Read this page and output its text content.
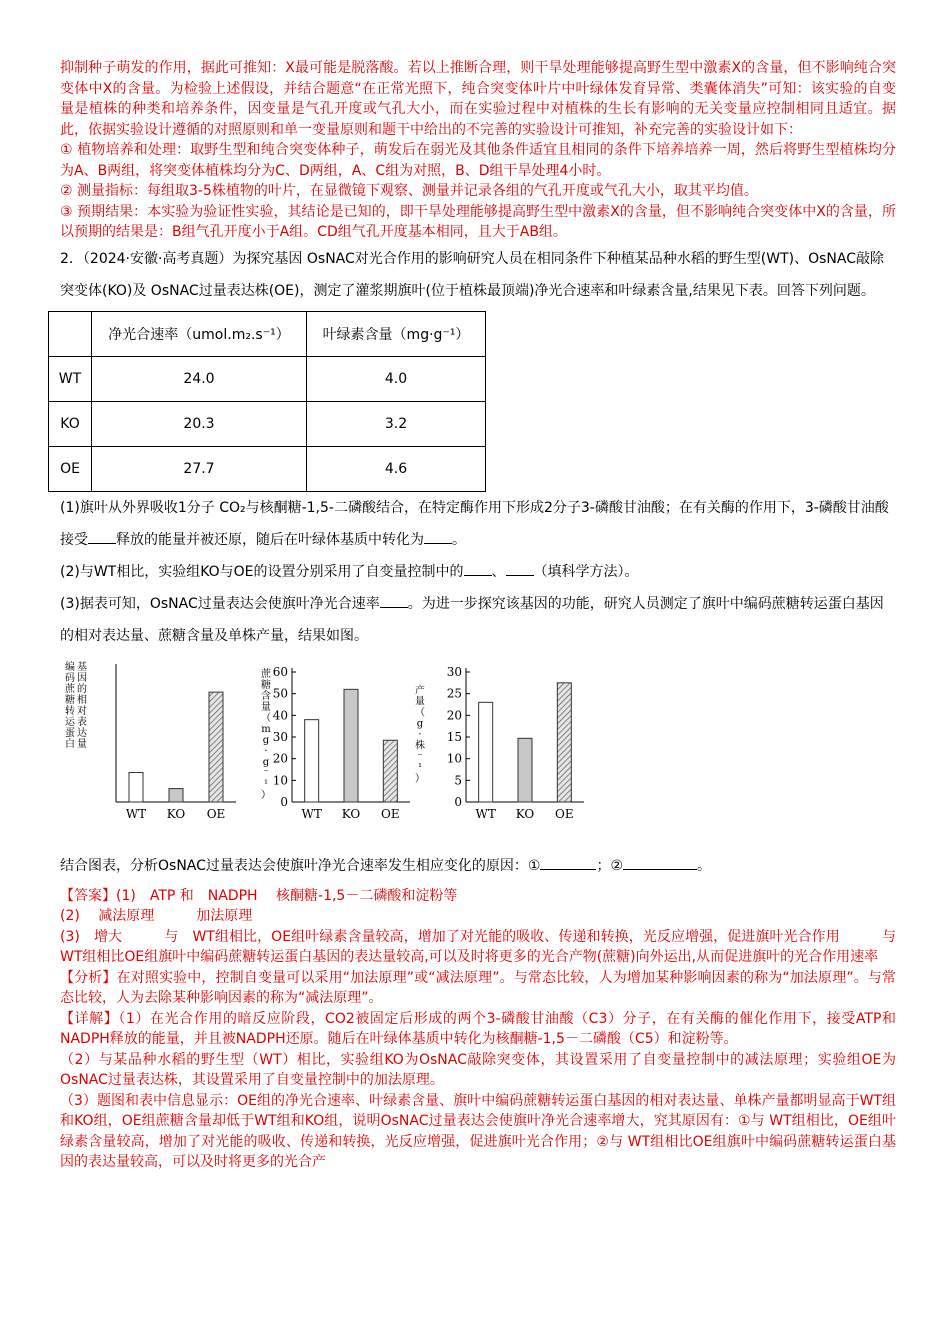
抑制种子萌发的作用，据此可推知：X最可能是脱落酸。若以上推断合理，则干旱处理能够提高野生型中激素X的含量，但不影响纯合突变体中X的含量。为检验上述假设，并结合题意“在正常光照下，纯合突变体叶片中叶绿体发育异常、类囊体消失”可知：该实验的自变量是植株的种类和培养条件，因变量是气孔开度或气孔大小，而在实验过程中对植株的生长有影响的无关变量应控制相同且适宜。据此，依据实验设计遵循的对照原则和单一变量原则和题干中给出的不完善的实验设计可推知，补充完善的实验设计如下：

① 植物培养和处理：取野生型和纯合突变体种子，萌发后在弱光及其他条件适宜且相同的条件下培养培养一周，然后将野生型植株均分为A、B两组，将突变体植株均分为C、D两组，A、C组为对照，B、D组干旱处理4小时。

② 测量指标：每组取3-5株植物的叶片，在显微镜下观察、测量并记录各组的气孔开度或气孔大小，取其平均值。

③ 预期结果：本实验为验证性实验，其结论是已知的，即干旱处理能够提高野生型中激素X的含量，但不影响纯合突变体中X的含量，所以预期的结果是：B组气孔开度小于A组。CD组气孔开度基本相同，且大于AB组。

2．（2024·安徽·高考真题）为探究基因 OsNAC对光合作用的影响研究人员在相同条件下种植某品种水稻的野生型(WT)、OsNAC敲除突变体(KO)及 OsNAC过量表达株(OE)，测定了灌浆期旗叶(位于植株最顶端)净光合速率和叶绿素含量,结果见下表。回答下列问题。

	净光合速率（umol.m₂.s⁻¹）	叶绿素含量（mg·g⁻¹）
WT	24.0	4.0
KO	20.3	3.2
OE	27.7	4.6

(1)旗叶从外界吸收1分子 CO₂与核酮糖-1,5-二磷酸结合，在特定酶作用下形成2分子3-磷酸甘油酸；在有关酶的作用下，3-磷酸甘油酸接受 释放的能量并被还原，随后在叶绿体基质中转化为 。

(2)与WT相比，实验组KO与OE的设置分别采用了自变量控制中的 、 （填科学方法）。

(3)据表可知，OsNAC过量表达会使旗叶净光合速率 。为进一步探究该基因的功能，研究人员测定了旗叶中编码蔗糖转运蛋白基因的相对表达量、蔗糖含量及单株产量，结果如图。

编
码
蔗
糖
转
运
蛋
白
基
因
的
相
对
表
达
量
WT KO OE
0
10
20
30
40
50
60
蔗
糖
含
量
（
m
g
·
g
⁻
¹
）
WT KO OE
0
5
10
15
20
25
30
产
量
（
g
·
株
⁻
¹
）
WT KO OE

结合图表，分析OsNAC过量表达会使旗叶净光合速率发生相应变化的原因：①	；②	。

【答案】(1)　ATP 和　NADPH　 核酮糖-1,5－二磷酸和淀粉等

(2)　 减法原理　　　加法原理

(3)　增大　　　与　WT组相比，OE组叶绿素含量较高，增加了对光能的吸收、传递和转换，光反应增强，促进旗叶光合作用　　　与　WT组相比OE组旗叶中编码蔗糖转运蛋白基因的表达量较高,可以及时将更多的光合产物(蔗糖)向外运出,从而促进旗叶的光合作用速率

【分析】在对照实验中，控制自变量可以采用“加法原理”或“减法原理”。与常态比较，人为增加某种影响因素的称为“加法原理”。与常态比较，人为去除某种影响因素的称为“减法原理”。

【详解】（1）在光合作用的暗反应阶段，CO2被固定后形成的两个3-磷酸甘油酸（C3）分子，在有关酶的催化作用下，接受ATP和NADPH释放的能量，并且被NADPH还原。随后在叶绿体基质中转化为核酮糖-1,5－二磷酸（C5）和淀粉等。

（2）与某品种水稻的野生型（WT）相比，实验组KO为OsNAC敲除突变体，其设置采用了自变量控制中的减法原理；实验组OE为 OsNAC过量表达株，其设置采用了自变量控制中的加法原理。

（3）题图和表中信息显示：OE组的净光合速率、叶绿素含量、旗叶中编码蔗糖转运蛋白基因的相对表达量、单株产量都明显高于WT组和KO组，OE组蔗糖含量却低于WT组和KO组，说明OsNAC过量表达会使旗叶净光合速率增大，究其原因有：①与 WT组相比，OE组叶绿素含量较高，增加了对光能的吸收、传递和转换，光反应增强，促进旗叶光合作用；②与 WT组相比OE组旗叶中编码蔗糖转运蛋白基因的表达量较高，可以及时将更多的光合产
